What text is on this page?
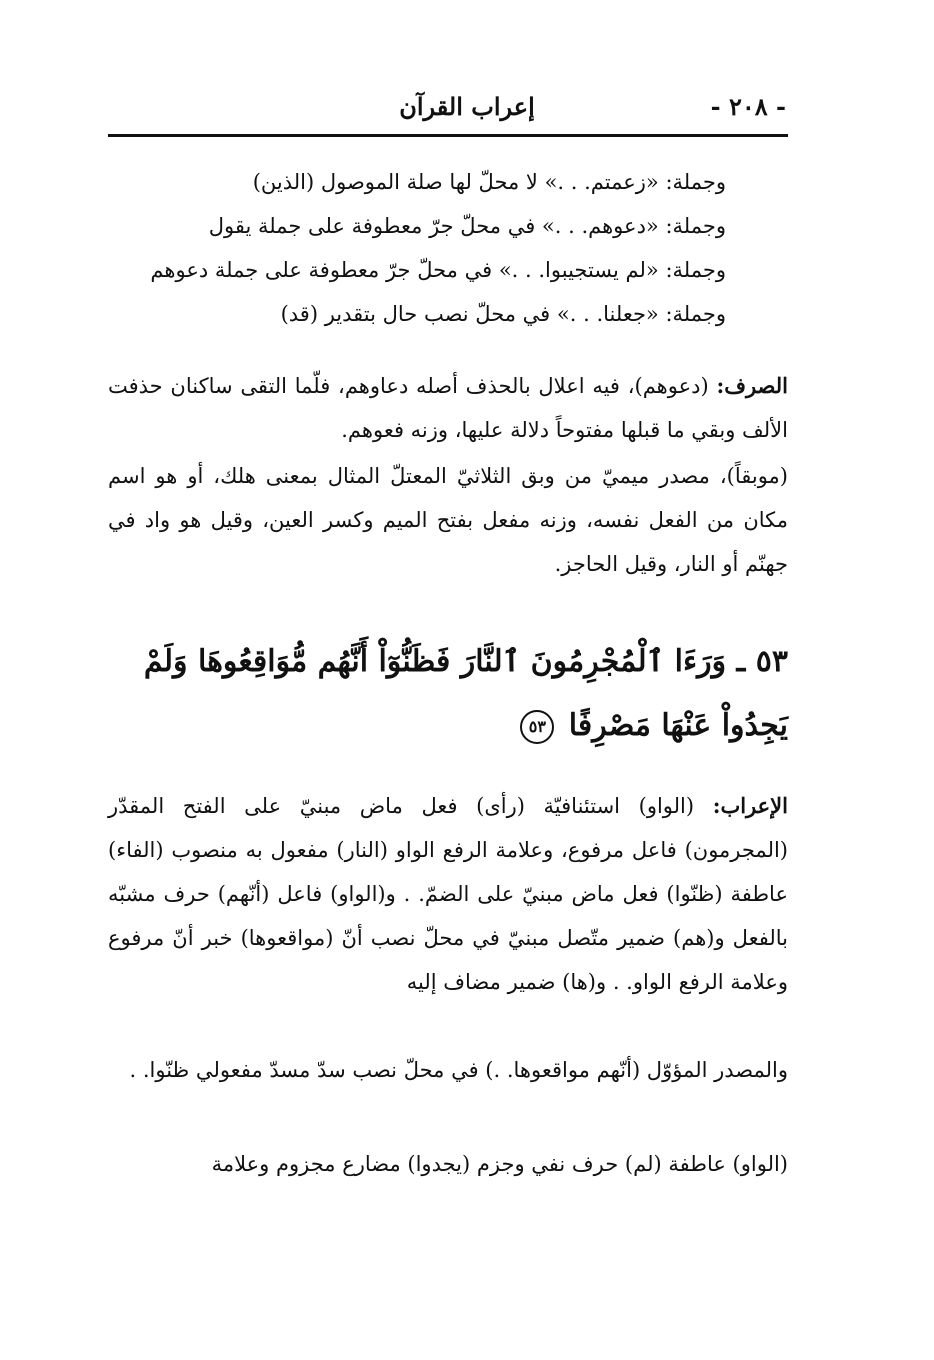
- ٢٠٨ -
إعراب القرآن
وجملة: «زعمتم. . .» لا محلّ لها صلة الموصول (الذين)
وجملة: «دعوهم. . .» في محلّ جرّ معطوفة على جملة يقول
وجملة: «لم يستجيبوا. . .» في محلّ جرّ معطوفة على جملة دعوهم
وجملة: «جعلنا. . .» في محلّ نصب حال بتقدير (قد)
الصرف: (دعوهم)، فيه اعلال بالحذف أصله دعاوهم، فلّما التقى ساكنان حذفت الألف وبقي ما قبلها مفتوحاً دلالة عليها، وزنه فعوهم.
(موبقاً)، مصدر ميميّ من وبق الثلاثيّ المعتلّ المثال بمعنى هلك، أو هو اسم مكان من الفعل نفسه، وزنه مفعل بفتح الميم وكسر العين، وقيل هو واد في جهنّم أو النار، وقيل الحاجز.
٥٣ ـ وَرَءَا ٱلْمُجْرِمُونَ ٱلنَّارَ فَظَنُّوٓاْ أَنَّهُم مُّوَاقِعُوهَا وَلَمْ يَجِدُواْ عَنْهَا مَصْرِفًا ٥٣
الإعراب: (الواو) استئنافيّة (رأى) فعل ماض مبنيّ على الفتح المقدّر (المجرمون) فاعل مرفوع، وعلامة الرفع الواو (النار) مفعول به منصوب (الفاء) عاطفة (ظنّوا) فعل ماض مبنيّ على الضمّ. . و(الواو) فاعل (أنّهم) حرف مشبّه بالفعل و(هم) ضمير متّصل مبنيّ في محلّ نصب أنّ (مواقعوها) خبر أنّ مرفوع وعلامة الرفع الواو. . و(ها) ضمير مضاف إليه
والمصدر المؤوّل (أنّهم مواقعوها. .) في محلّ نصب سدّ مسدّ مفعولي ظنّوا. .
(الواو) عاطفة (لم) حرف نفي وجزم (يجدوا) مضارع مجزوم وعلامة
